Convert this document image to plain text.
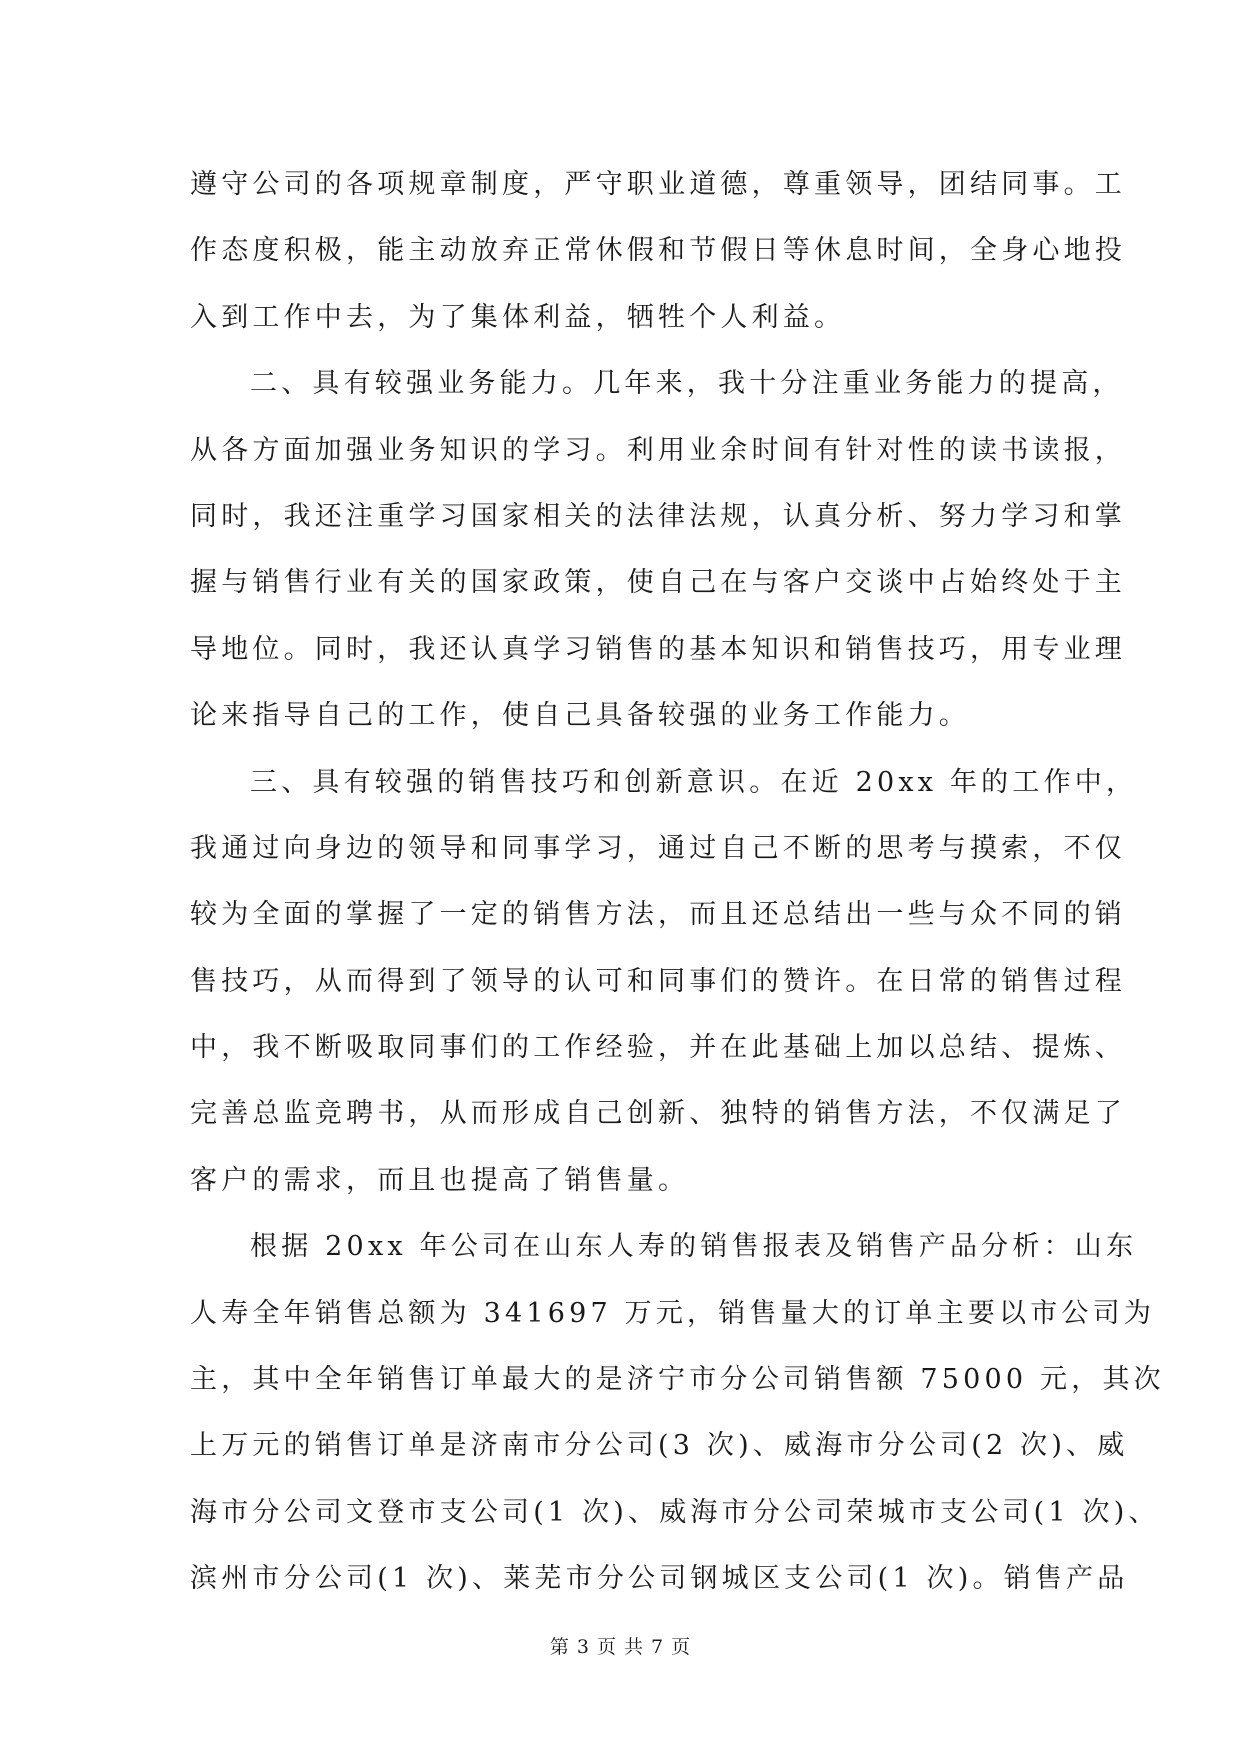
遵守公司的各项规章制度，严守职业道德，尊重领导，团结同事。工
作态度积极，能主动放弃正常休假和节假日等休息时间，全身心地投
入到工作中去，为了集体利益，牺牲个人利益。
二、具有较强业务能力。几年来，我十分注重业务能力的提高，
从各方面加强业务知识的学习。利用业余时间有针对性的读书读报，
同时，我还注重学习国家相关的法律法规，认真分析、努力学习和掌
握与销售行业有关的国家政策，使自己在与客户交谈中占始终处于主
导地位。同时，我还认真学习销售的基本知识和销售技巧，用专业理
论来指导自己的工作，使自己具备较强的业务工作能力。
三、具有较强的销售技巧和创新意识。在近 20xx 年的工作中，
我通过向身边的领导和同事学习，通过自己不断的思考与摸索，不仅
较为全面的掌握了一定的销售方法，而且还总结出一些与众不同的销
售技巧，从而得到了领导的认可和同事们的赞许。在日常的销售过程
中，我不断吸取同事们的工作经验，并在此基础上加以总结、提炼、
完善总监竞聘书，从而形成自己创新、独特的销售方法，不仅满足了
客户的需求，而且也提高了销售量。
根据 20xx 年公司在山东人寿的销售报表及销售产品分析：山东
人寿全年销售总额为 341697 万元，销售量大的订单主要以市公司为
主，其中全年销售订单最大的是济宁市分公司销售额 75000 元，其次
上万元的销售订单是济南市分公司(3 次)、威海市分公司(2 次)、威
海市分公司文登市支公司(1 次)、威海市分公司荣城市支公司(1 次)、
滨州市分公司(1 次)、莱芜市分公司钢城区支公司(1 次)。销售产品
第 3 页 共 7 页
